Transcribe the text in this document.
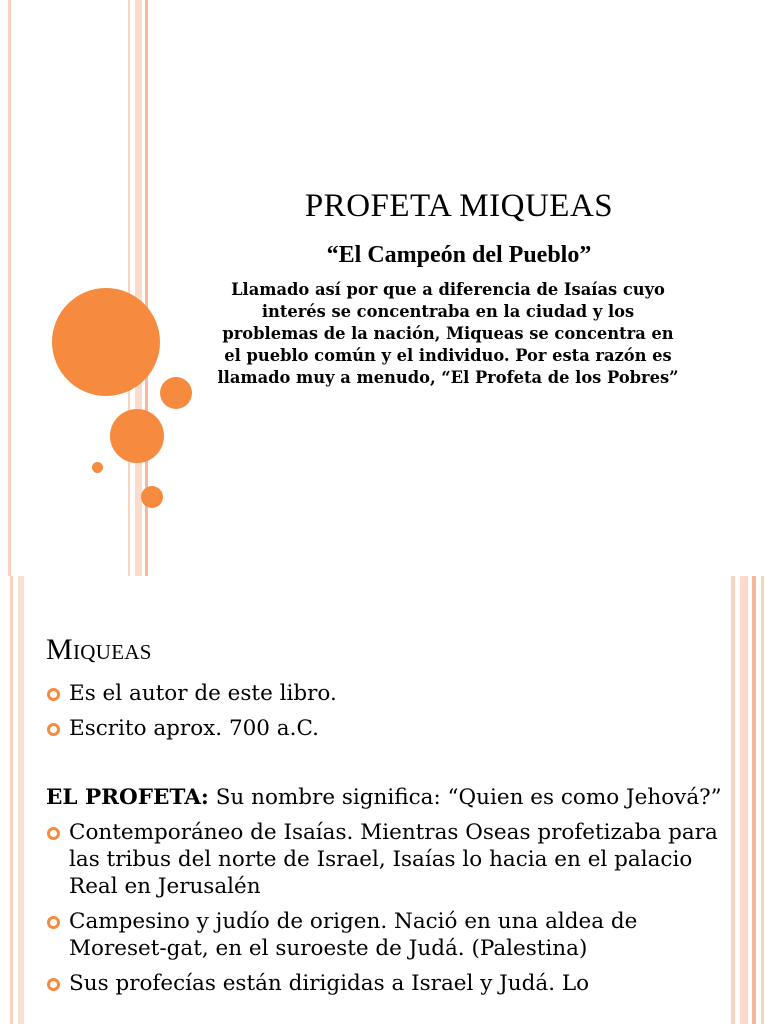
PROFETA MIQUEAS
“El Campeón del Pueblo”
Llamado así por que a diferencia de Isaías cuyo
interés se concentraba en la ciudad y los
problemas de la nación, Miqueas se concentra en
el pueblo común y el individuo. Por esta razón es
llamado muy a menudo, “El Profeta de los Pobres”
Miqueas
Es el autor de este libro.
Escrito aprox. 700 a.C.
EL PROFETA: Su nombre significa: “Quien es como Jehová?”
Contemporáneo de Isaías. Mientras Oseas profetizaba para las tribus del norte de Israel, Isaías lo hacia en el palacio Real en Jerusalén
Campesino y judío de origen. Nació en una aldea de Moreset-gat, en el suroeste de Judá. (Palestina)
Sus profecías están dirigidas a Israel y Judá. Lo
